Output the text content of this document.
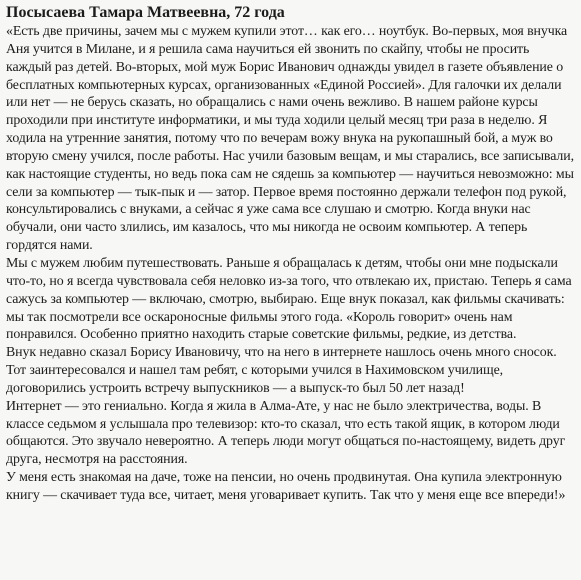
Посысаева Тамара Матвеевна, 72 года

«Есть две причины, зачем мы с мужем купили этот… как его… ноутбук. Во-первых, моя внучка Аня учится в Милане, и я решила сама научиться ей звонить по скайпу, чтобы не просить каждый раз детей. Во-вторых, мой муж Борис Иванович однажды увидел в газете объявление о бесплатных компьютерных курсах, организованных «Единой Россией». Для галочки их делали или нет — не берусь сказать, но обращались с нами очень вежливо. В нашем районе курсы проходили при институте информатики, и мы туда ходили целый месяц три раза в неделю. Я ходила на утренние занятия, потому что по вечерам вожу внука на рукопашный бой, а муж во вторую смену учился, после работы. Нас учили базовым вещам, и мы старались, все записывали, как настоящие студенты, но ведь пока сам не сядешь за компьютер — научиться невозможно: мы сели за компьютер — тык-пык и — затор. Первое время постоянно держали телефон под рукой, консультировались с внуками, а сейчас я уже сама все слушаю и смотрю. Когда внуки нас обучали, они часто злились, им казалось, что мы никогда не освоим компьютер. А теперь гордятся нами.

Мы с мужем любим путешествовать. Раньше я обращалась к детям, чтобы они мне подыскали что-то, но я всегда чувствовала себя неловко из-за того, что отвлекаю их, пристаю. Теперь я сама сажусь за компьютер — включаю, смотрю, выбираю. Еще внук показал, как фильмы скачивать: мы так посмотрели все оскароносные фильмы этого года. «Король говорит» очень нам понравился. Особенно приятно находить старые советские фильмы, редкие, из детства.

Внук недавно сказал Борису Ивановичу, что на него в интернете нашлось очень много сноcок. Тот заинтересовался и нашел там ребят, с которыми учился в Нахимовском училище, договорились устроить встречу выпускников — а выпуск-то был 50 лет назад!

Интернет — это гениально. Когда я жила в Алма-Ате, у нас не было электричества, воды. В классе седьмом я услышала про телевизор: кто-то сказал, что есть такой ящик, в котором люди общаются. Это звучало невероятно. А теперь люди могут общаться по-настоящему, видеть друг друга, несмотря на расстояния.

У меня есть знакомая на даче, тоже на пенсии, но очень продвинутая. Она купила электронную книгу — скачивает туда все, читает, меня уговаривает купить. Так что у меня еще все впереди!»
